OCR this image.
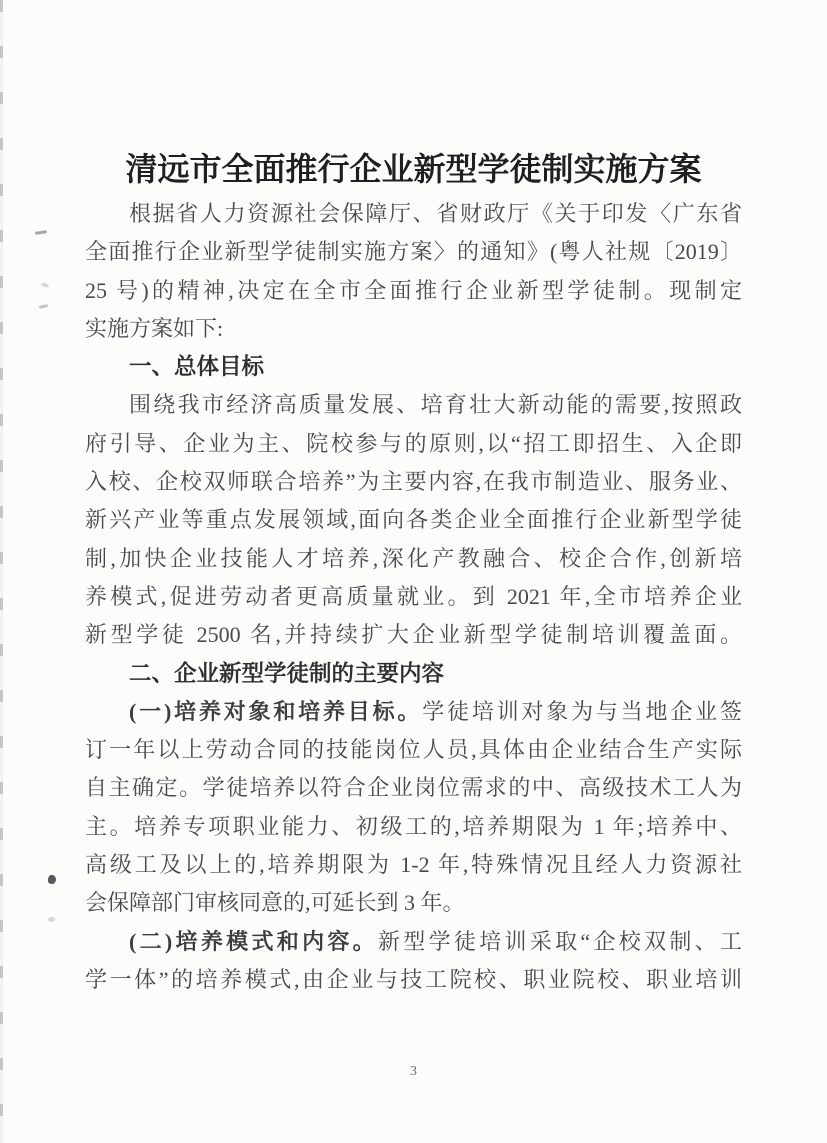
清远市全面推行企业新型学徒制实施方案

根据省人力资源社会保障厅、省财政厅《关于印发〈广东省

全面推行企业新型学徒制实施方案〉的通知》(粤人社规〔2019〕

25 号)的精神,决定在全市全面推行企业新型学徒制。现制定

实施方案如下:

一、总体目标

围绕我市经济高质量发展、培育壮大新动能的需要,按照政

府引导、企业为主、院校参与的原则,以“招工即招生、入企即

入校、企校双师联合培养”为主要内容,在我市制造业、服务业、

新兴产业等重点发展领域,面向各类企业全面推行企业新型学徒

制,加快企业技能人才培养,深化产教融合、校企合作,创新培

养模式,促进劳动者更高质量就业。到 2021 年,全市培养企业

新型学徒 2500 名,并持续扩大企业新型学徒制培训覆盖面。

二、企业新型学徒制的主要内容

(一)培养对象和培养目标。学徒培训对象为与当地企业签

订一年以上劳动合同的技能岗位人员,具体由企业结合生产实际

自主确定。学徒培养以符合企业岗位需求的中、高级技术工人为

主。培养专项职业能力、初级工的,培养期限为 1 年;培养中、

高级工及以上的,培养期限为 1-2 年,特殊情况且经人力资源社

会保障部门审核同意的,可延长到 3 年。

(二)培养模式和内容。新型学徒培训采取“企校双制、工

学一体”的培养模式,由企业与技工院校、职业院校、职业培训

3
